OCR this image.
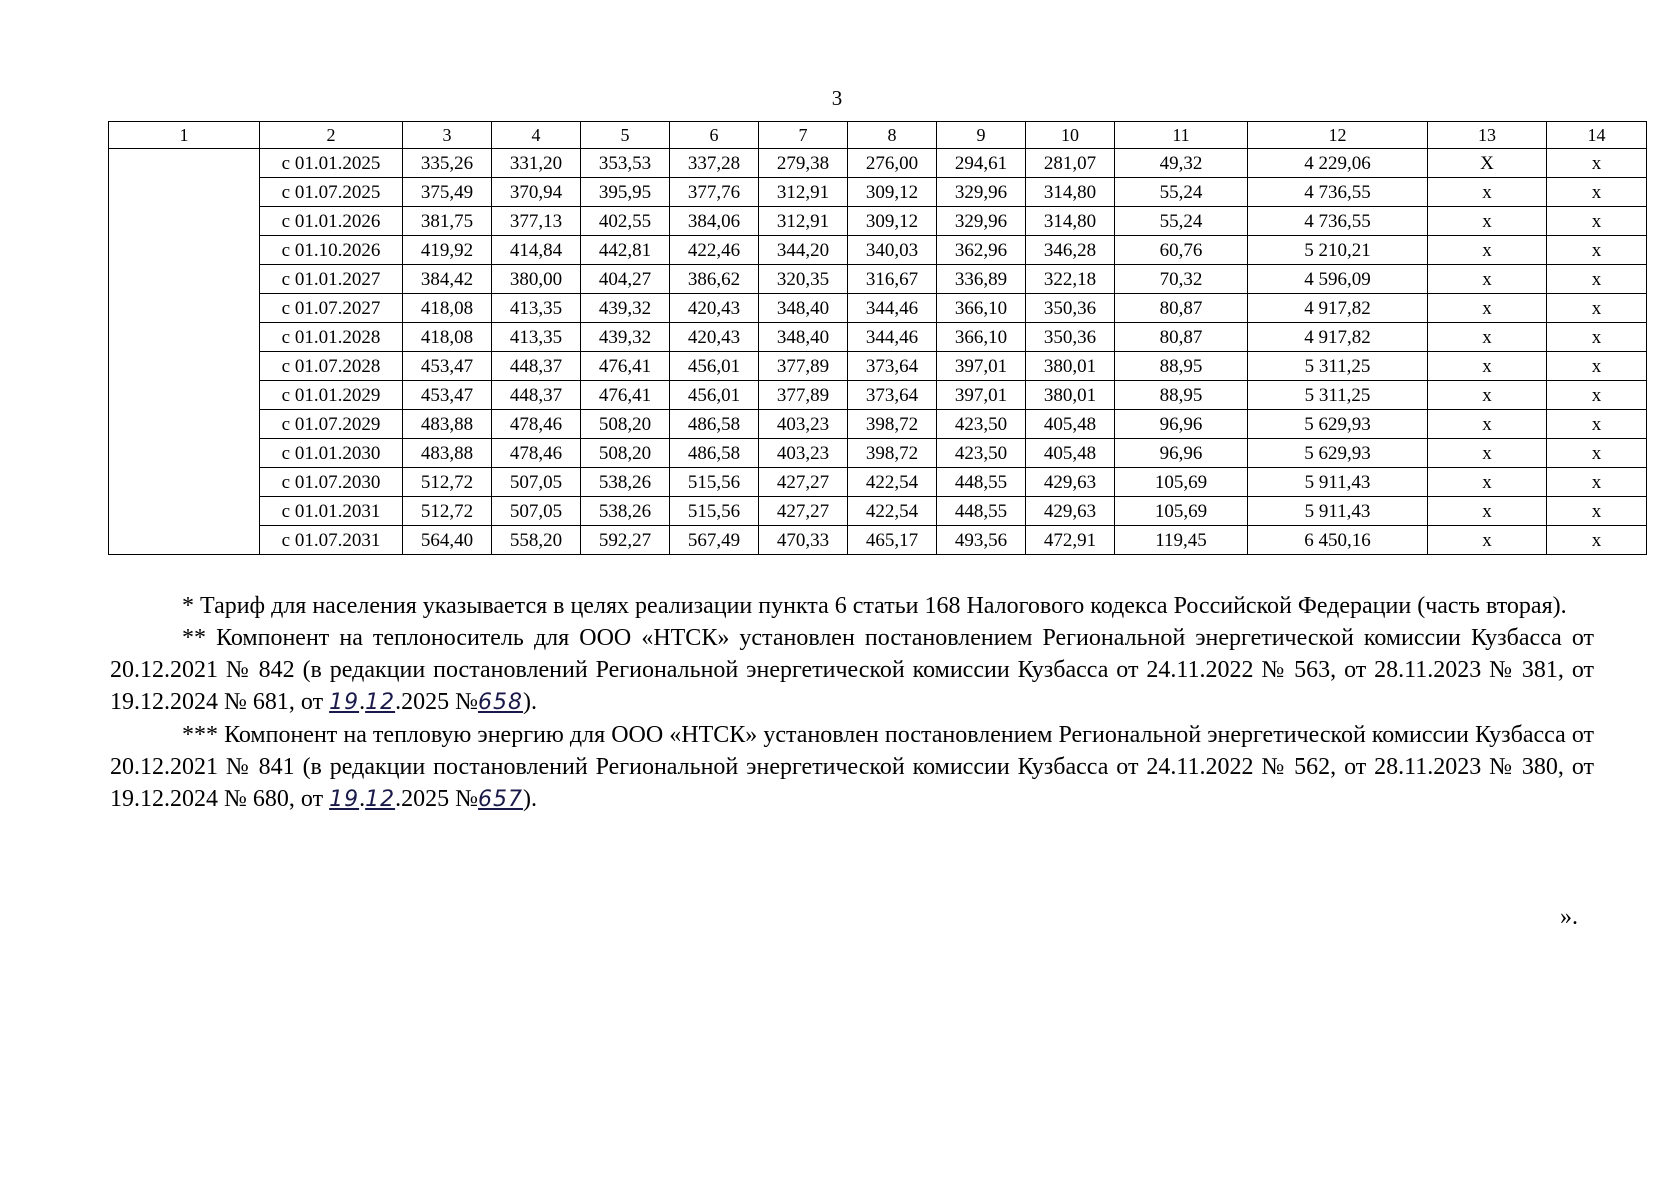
3
1	2	3	4	5	6	7	8	9	10	11	12	13	14
	с 01.01.2025	335,26	331,20	353,53	337,28	279,38	276,00	294,61	281,07	49,32	4 229,06	X	х
	с 01.07.2025	375,49	370,94	395,95	377,76	312,91	309,12	329,96	314,80	55,24	4 736,55	х	х
	с 01.01.2026	381,75	377,13	402,55	384,06	312,91	309,12	329,96	314,80	55,24	4 736,55	х	х
	с 01.10.2026	419,92	414,84	442,81	422,46	344,20	340,03	362,96	346,28	60,76	5 210,21	х	х
	с 01.01.2027	384,42	380,00	404,27	386,62	320,35	316,67	336,89	322,18	70,32	4 596,09	х	х
	с 01.07.2027	418,08	413,35	439,32	420,43	348,40	344,46	366,10	350,36	80,87	4 917,82	х	х
	с 01.01.2028	418,08	413,35	439,32	420,43	348,40	344,46	366,10	350,36	80,87	4 917,82	х	х
	с 01.07.2028	453,47	448,37	476,41	456,01	377,89	373,64	397,01	380,01	88,95	5 311,25	х	х
	с 01.01.2029	453,47	448,37	476,41	456,01	377,89	373,64	397,01	380,01	88,95	5 311,25	х	х
	с 01.07.2029	483,88	478,46	508,20	486,58	403,23	398,72	423,50	405,48	96,96	5 629,93	х	х
	с 01.01.2030	483,88	478,46	508,20	486,58	403,23	398,72	423,50	405,48	96,96	5 629,93	х	х
	с 01.07.2030	512,72	507,05	538,26	515,56	427,27	422,54	448,55	429,63	105,69	5 911,43	х	х
	с 01.01.2031	512,72	507,05	538,26	515,56	427,27	422,54	448,55	429,63	105,69	5 911,43	х	х
	с 01.07.2031	564,40	558,20	592,27	567,49	470,33	465,17	493,56	472,91	119,45	6 450,16	х	х

* Тариф для населения указывается в целях реализации пункта 6 статьи 168 Налогового кодекса Российской Федерации (часть вторая).

** Компонент на теплоноситель для ООО «НТСК» установлен постановлением Региональной энергетической комиссии Кузбасса от 20.12.2021 № 842 (в редакции постановлений Региональной энергетической комиссии Кузбасса от 24.11.2022 № 563, от 28.11.2023 № 381, от 19.12.2024 № 681, от 19.12.2025 №658).

*** Компонент на тепловую энергию для ООО «НТСК» установлен постановлением Региональной энергетической комиссии Кузбасса от 20.12.2021 № 841 (в редакции постановлений Региональной энергетической комиссии Кузбасса от 24.11.2022 № 562, от 28.11.2023 № 380, от 19.12.2024 № 680, от 19.12.2025 №657).

».
